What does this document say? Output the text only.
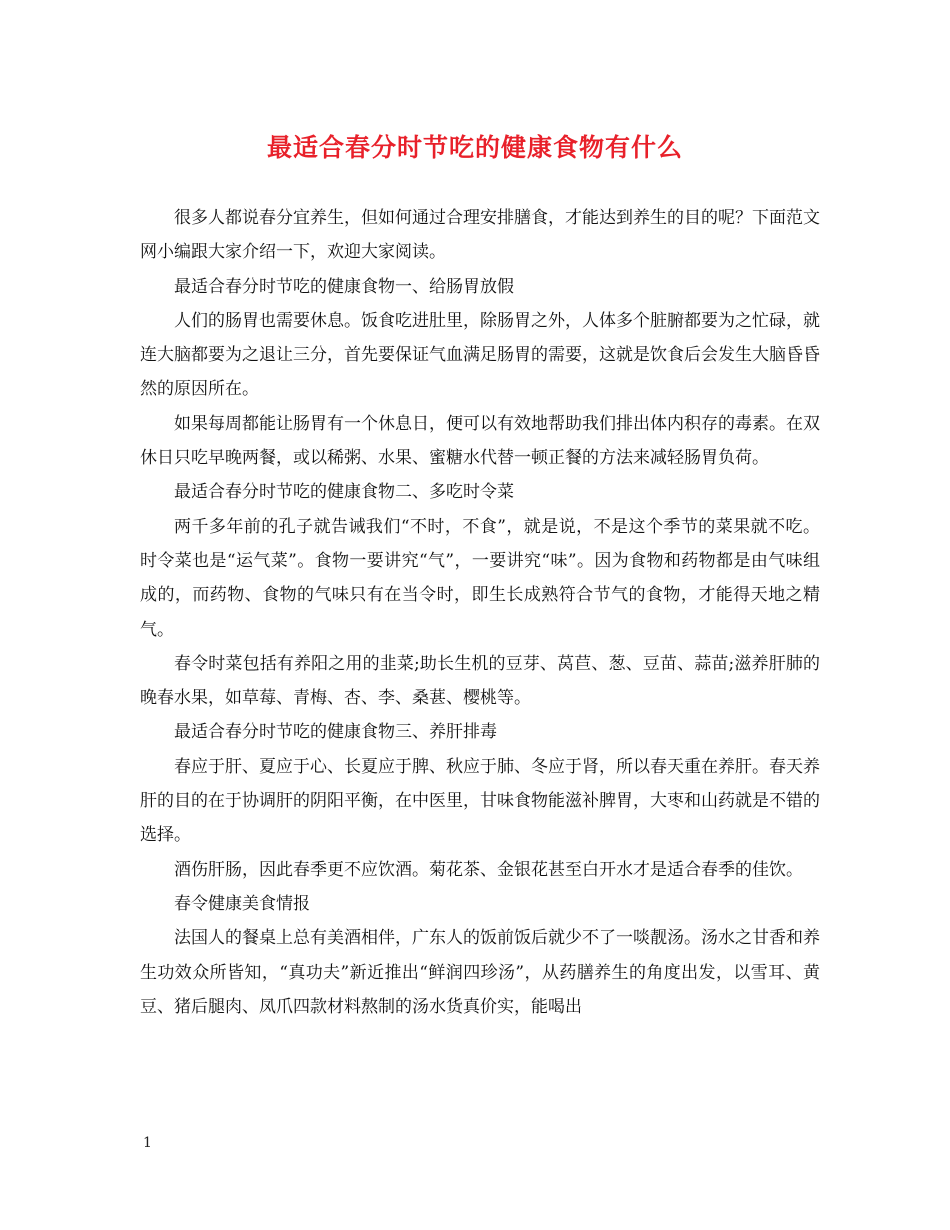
最适合春分时节吃的健康食物有什么

很多人都说春分宜养生，但如何通过合理安排膳食，才能达到养生的目的呢？下面范文网小编跟大家介绍一下，欢迎大家阅读。

最适合春分时节吃的健康食物一、给肠胃放假

人们的肠胃也需要休息。饭食吃进肚里，除肠胃之外，人体多个脏腑都要为之忙碌，就连大脑都要为之退让三分，首先要保证气血满足肠胃的需要，这就是饮食后会发生大脑昏昏然的原因所在。

如果每周都能让肠胃有一个休息日，便可以有效地帮助我们排出体内积存的毒素。在双休日只吃早晚两餐，或以稀粥、水果、蜜糖水代替一顿正餐的方法来减轻肠胃负荷。

最适合春分时节吃的健康食物二、多吃时令菜

两千多年前的孔子就告诫我们“不时，不食”，就是说，不是这个季节的菜果就不吃。时令菜也是“运气菜”。食物一要讲究“气”，一要讲究“味”。因为食物和药物都是由气味组成的，而药物、食物的气味只有在当令时，即生长成熟符合节气的食物，才能得天地之精气。

春令时菜包括有养阳之用的韭菜;助长生机的豆芽、莴苣、葱、豆苗、蒜苗;滋养肝肺的晚春水果，如草莓、青梅、杏、李、桑葚、樱桃等。

最适合春分时节吃的健康食物三、养肝排毒

春应于肝、夏应于心、长夏应于脾、秋应于肺、冬应于肾，所以春天重在养肝。春天养肝的目的在于协调肝的阴阳平衡，在中医里，甘味食物能滋补脾胃，大枣和山药就是不错的选择。

酒伤肝肠，因此春季更不应饮酒。菊花茶、金银花甚至白开水才是适合春季的佳饮。

春令健康美食情报

法国人的餐桌上总有美酒相伴，广东人的饭前饭后就少不了一啖靓汤。汤水之甘香和养生功效众所皆知，“真功夫”新近推出“鲜润四珍汤”，从药膳养生的角度出发，以雪耳、黄豆、猪后腿肉、凤爪四款材料熬制的汤水货真价实，能喝出

1
